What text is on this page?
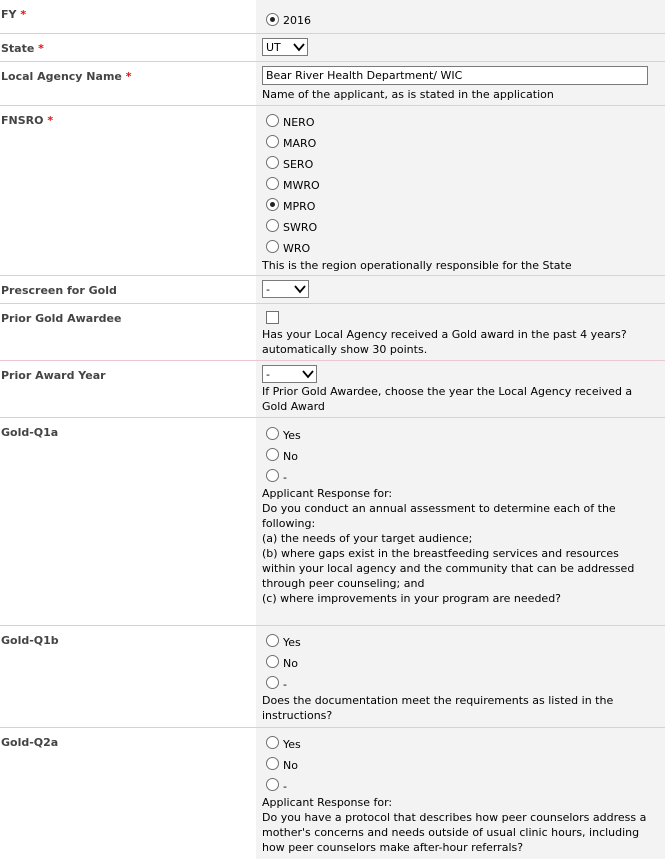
FY *	2016
State *	UT
Local Agency Name *	Bear River Health Department/ WIC
Name of the applicant, as is stated in the application
FNSRO *	NERO
MARO
SERO
MWRO
MPRO
SWRO
WRO
This is the region operationally responsible for the State
Prescreen for Gold	-
Prior Gold Awardee
Has your Local Agency received a Gold award in the past 4 years?
automatically show 30 points.
Prior Award Year	-
If Prior Gold Awardee, choose the year the Local Agency received a
Gold Award
Gold-Q1a	Yes
No
-
Applicant Response for:
Do you conduct an annual assessment to determine each of the
following:
(a) the needs of your target audience;
(b) where gaps exist in the breastfeeding services and resources
within your local agency and the community that can be addressed
through peer counseling; and
(c) where improvements in your program are needed?
Gold-Q1b	Yes
No
-
Does the documentation meet the requirements as listed in the
instructions?
Gold-Q2a	Yes
No
-
Applicant Response for:
Do you have a protocol that describes how peer counselors address a
mother's concerns and needs outside of usual clinic hours, including
how peer counselors make after-hour referrals?
